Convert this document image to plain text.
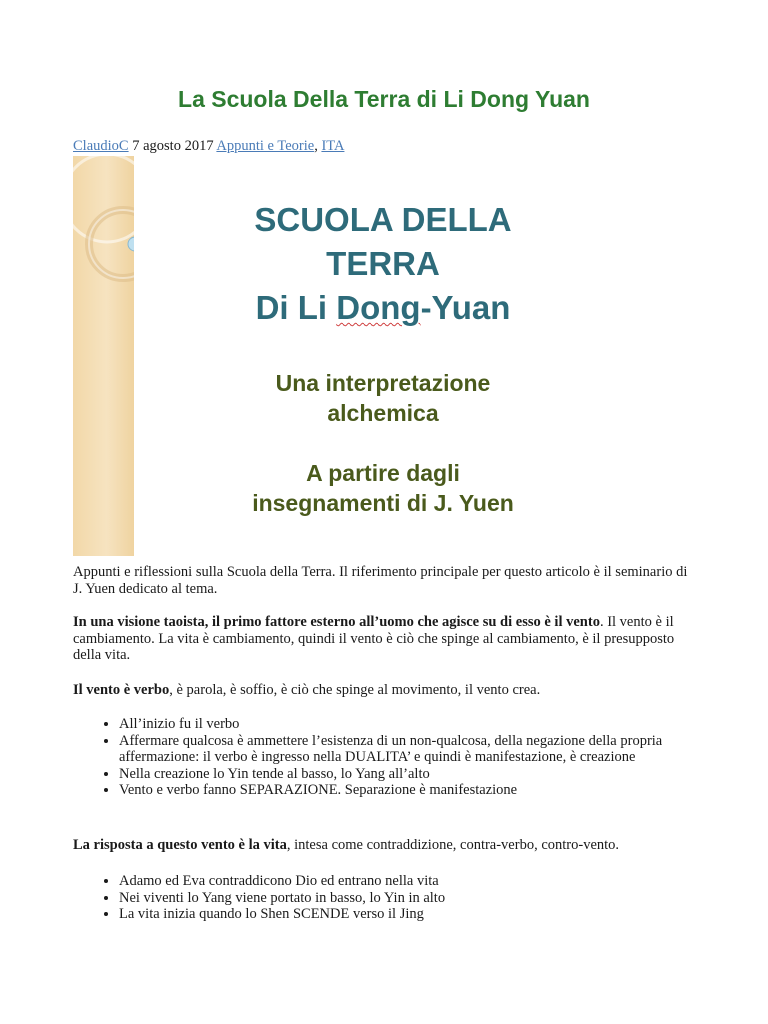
La Scuola Della Terra di Li Dong Yuan
ClaudioC 7 agosto 2017 Appunti e Teorie, ITA
SCUOLA DELLA
TERRA
Di Li Dong-Yuan
Una interpretazione
alchemica
A partire dagli
insegnamenti di J. Yuen
Appunti e riflessioni sulla Scuola della Terra. Il riferimento principale per questo articolo è il seminario di J. Yuen dedicato al tema.
In una visione taoista, il primo fattore esterno all’uomo che agisce su di esso è il vento. Il vento è il cambiamento. La vita è cambiamento, quindi il vento è ciò che spinge al cambiamento, è il presupposto della vita.
Il vento è verbo, è parola, è soffio, è ciò che spinge al movimento, il vento crea.
• All’inizio fu il verbo
• Affermare qualcosa è ammettere l’esistenza di un non-qualcosa, della negazione della propria affermazione: il verbo è ingresso nella DUALITA’ e quindi è manifestazione, è creazione
• Nella creazione lo Yin tende al basso, lo Yang all’alto
• Vento e verbo fanno SEPARAZIONE. Separazione è manifestazione
La risposta a questo vento è la vita, intesa come contraddizione, contra-verbo, contro-vento.
• Adamo ed Eva contraddicono Dio ed entrano nella vita
• Nei viventi lo Yang viene portato in basso, lo Yin in alto
• La vita inizia quando lo Shen SCENDE verso il Jing
